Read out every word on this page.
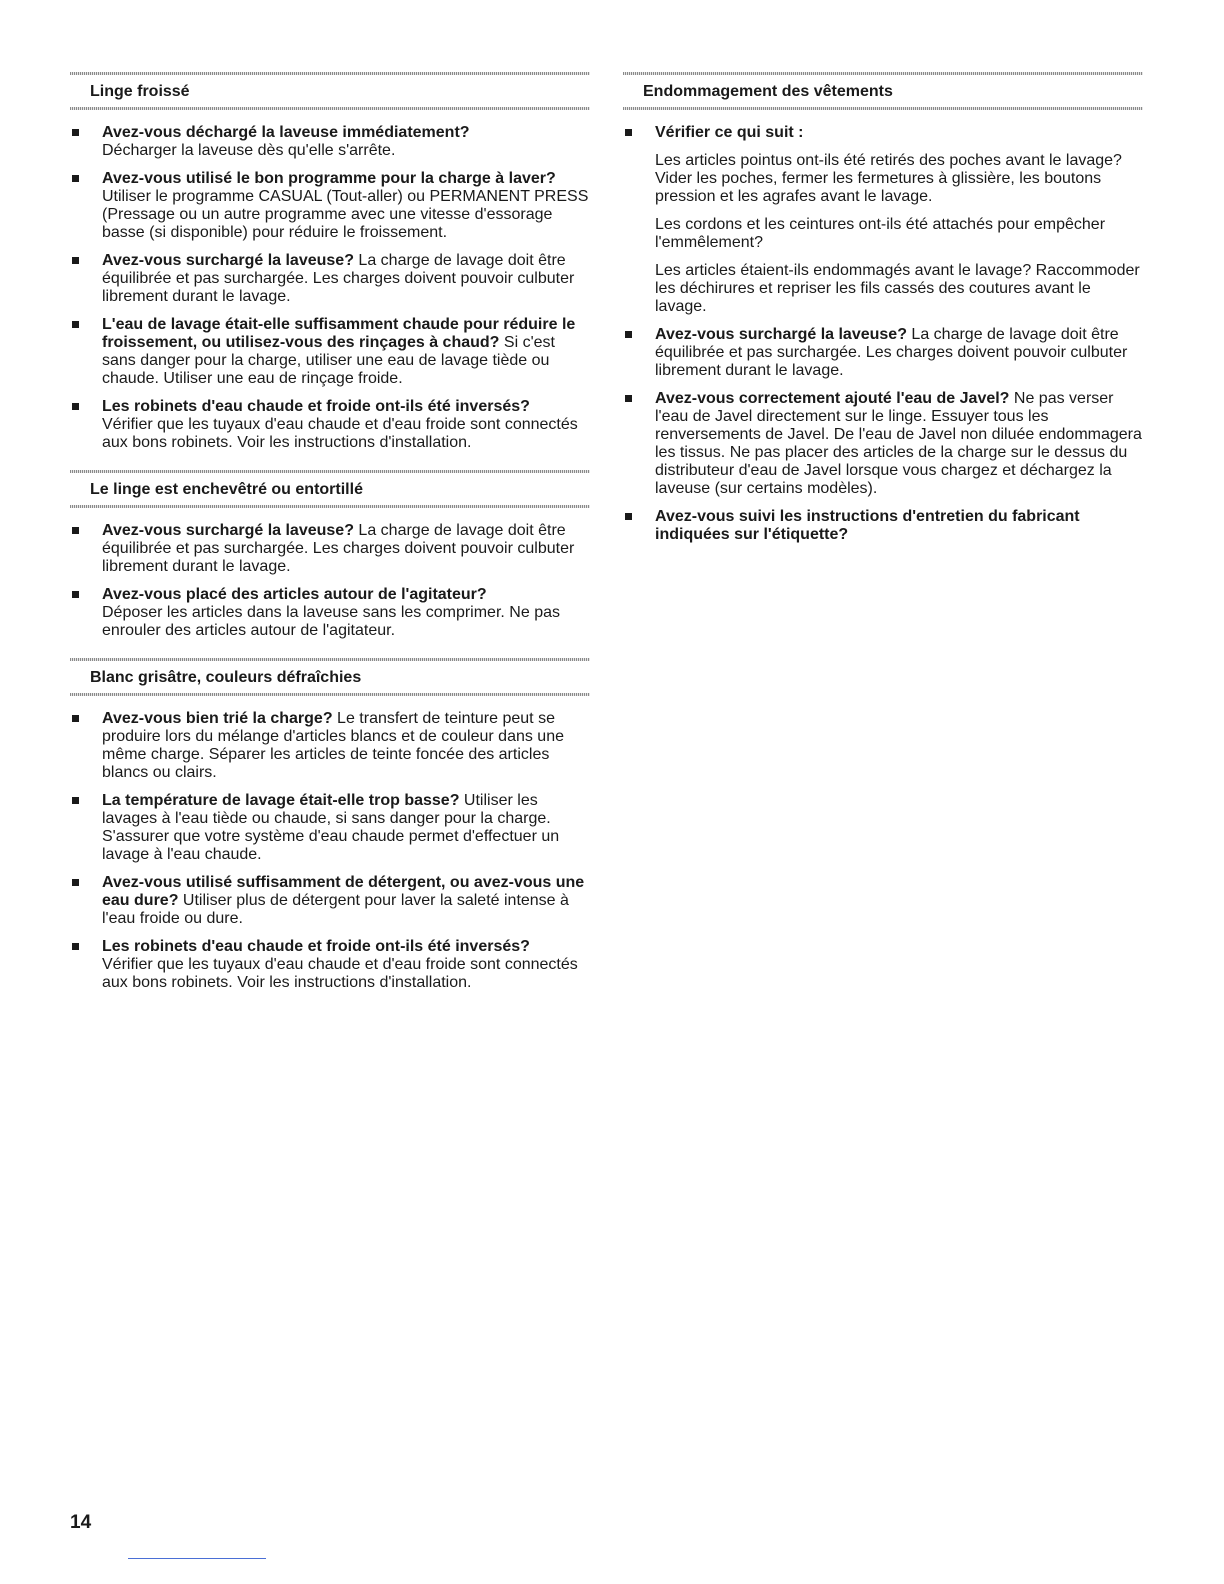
Linge froissé
Avez-vous déchargé la laveuse immédiatement?
Décharger la laveuse dès qu'elle s'arrête.
Avez-vous utilisé le bon programme pour la charge à laver? Utiliser le programme CASUAL (Tout-aller) ou PERMANENT PRESS (Pressage ou un autre programme avec une vitesse d'essorage basse (si disponible) pour réduire le froissement.
Avez-vous surchargé la laveuse? La charge de lavage doit être équilibrée et pas surchargée. Les charges doivent pouvoir culbuter librement durant le lavage.
L'eau de lavage était-elle suffisamment chaude pour réduire le froissement, ou utilisez-vous des rinçages à chaud? Si c'est sans danger pour la charge, utiliser une eau de lavage tiède ou chaude. Utiliser une eau de rinçage froide.
Les robinets d'eau chaude et froide ont-ils été inversés?
Vérifier que les tuyaux d'eau chaude et d'eau froide sont connectés aux bons robinets. Voir les instructions d'installation.
Le linge est enchevêtré ou entortillé
Avez-vous surchargé la laveuse? La charge de lavage doit être équilibrée et pas surchargée. Les charges doivent pouvoir culbuter librement durant le lavage.
Avez-vous placé des articles autour de l'agitateur?
Déposer les articles dans la laveuse sans les comprimer. Ne pas enrouler des articles autour de l'agitateur.
Blanc grisâtre, couleurs défraîchies
Avez-vous bien trié la charge? Le transfert de teinture peut se produire lors du mélange d'articles blancs et de couleur dans une même charge. Séparer les articles de teinte foncée des articles blancs ou clairs.
La température de lavage était-elle trop basse? Utiliser les lavages à l'eau tiède ou chaude, si sans danger pour la charge. S'assurer que votre système d'eau chaude permet d'effectuer un lavage à l'eau chaude.
Avez-vous utilisé suffisamment de détergent, ou avez-vous une eau dure? Utiliser plus de détergent pour laver la saleté intense à l'eau froide ou dure.
Les robinets d'eau chaude et froide ont-ils été inversés?
Vérifier que les tuyaux d'eau chaude et d'eau froide sont connectés aux bons robinets. Voir les instructions d'installation.
Endommagement des vêtements
Vérifier ce qui suit :
Les articles pointus ont-ils été retirés des poches avant le lavage? Vider les poches, fermer les fermetures à glissière, les boutons pression et les agrafes avant le lavage.
Les cordons et les ceintures ont-ils été attachés pour empêcher l'emmêlement?
Les articles étaient-ils endommagés avant le lavage? Raccommoder les déchirures et repriser les fils cassés des coutures avant le lavage.
Avez-vous surchargé la laveuse? La charge de lavage doit être équilibrée et pas surchargée. Les charges doivent pouvoir culbuter librement durant le lavage.
Avez-vous correctement ajouté l'eau de Javel? Ne pas verser l'eau de Javel directement sur le linge. Essuyer tous les renversements de Javel. De l'eau de Javel non diluée endommagera les tissus. Ne pas placer des articles de la charge sur le dessus du distributeur d'eau de Javel lorsque vous chargez et déchargez la laveuse (sur certains modèles).
Avez-vous suivi les instructions d'entretien du fabricant indiquées sur l'étiquette?
14
